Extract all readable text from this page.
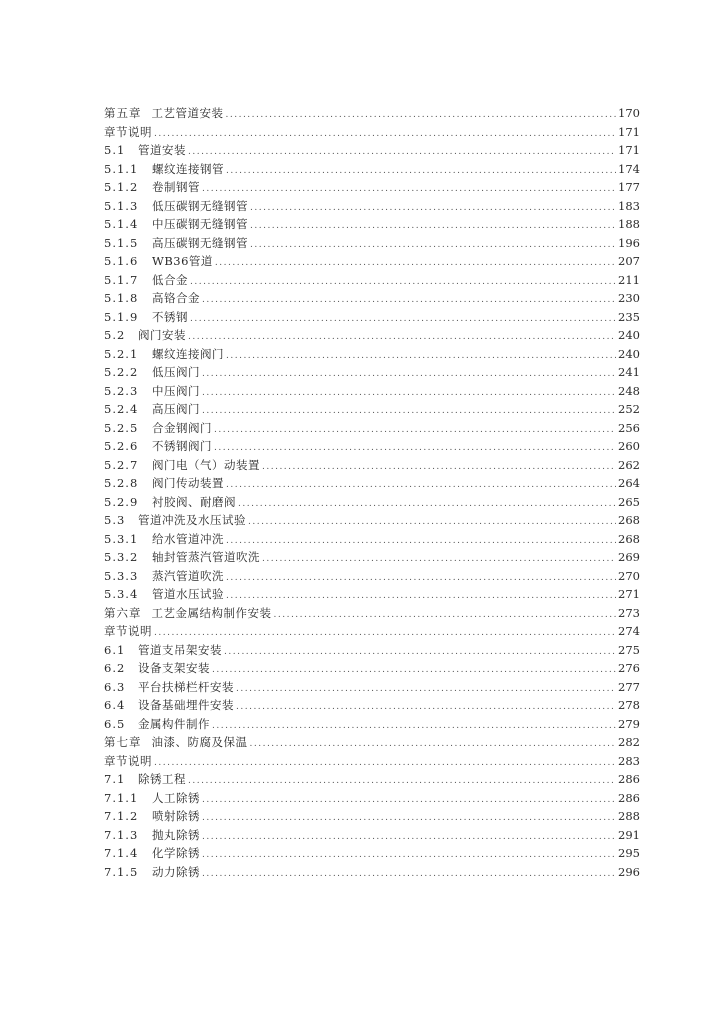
第五章 工艺管道安装 .....	170
章节说明 .....	171
5.1	管道安装 .....	171
5.1.1	螺纹连接钢管 .....	174
5.1.2	卷制钢管 .....	177
5.1.3	低压碳钢无缝钢管 .....	183
5.1.4	中压碳钢无缝钢管 .....	188
5.1.5	高压碳钢无缝钢管 .....	196
5.1.6	WB36管道 .....	207
5.1.7	低合金 .....	211
5.1.8	高铬合金 .....	230
5.1.9	不锈钢 .....	235
5.2	阀门安装 .....	240
5.2.1	螺纹连接阀门 .....	240
5.2.2	低压阀门 .....	241
5.2.3	中压阀门 .....	248
5.2.4	高压阀门 .....	252
5.2.5	合金钢阀门 .....	256
5.2.6	不锈钢阀门 .....	260
5.2.7	阀门电（气）动装置 .....	262
5.2.8	阀门传动装置 .....	264
5.2.9	衬胶阀、耐磨阀 .....	265
5.3	管道冲洗及水压试验 .....	268
5.3.1	给水管道冲洗 .....	268
5.3.2	轴封管蒸汽管道吹洗 .....	269
5.3.3	蒸汽管道吹洗 .....	270
5.3.4	管道水压试验 .....	271
第六章 工艺金属结构制作安装 .....	273
章节说明 .....	274
6.1	管道支吊架安装 .....	275
6.2	设备支架安装 .....	276
6.3	平台扶梯栏杆安装 .....	277
6.4	设备基础埋件安装 .....	278
6.5	金属构件制作 .....	279
第七章 油漆、防腐及保温 .....	282
章节说明 .....	283
7.1	除锈工程 .....	286
7.1.1	人工除锈 .....	286
7.1.2	喷射除锈 .....	288
7.1.3	抛丸除锈 .....	291
7.1.4	化学除锈 .....	295
7.1.5	动力除锈 .....	296
